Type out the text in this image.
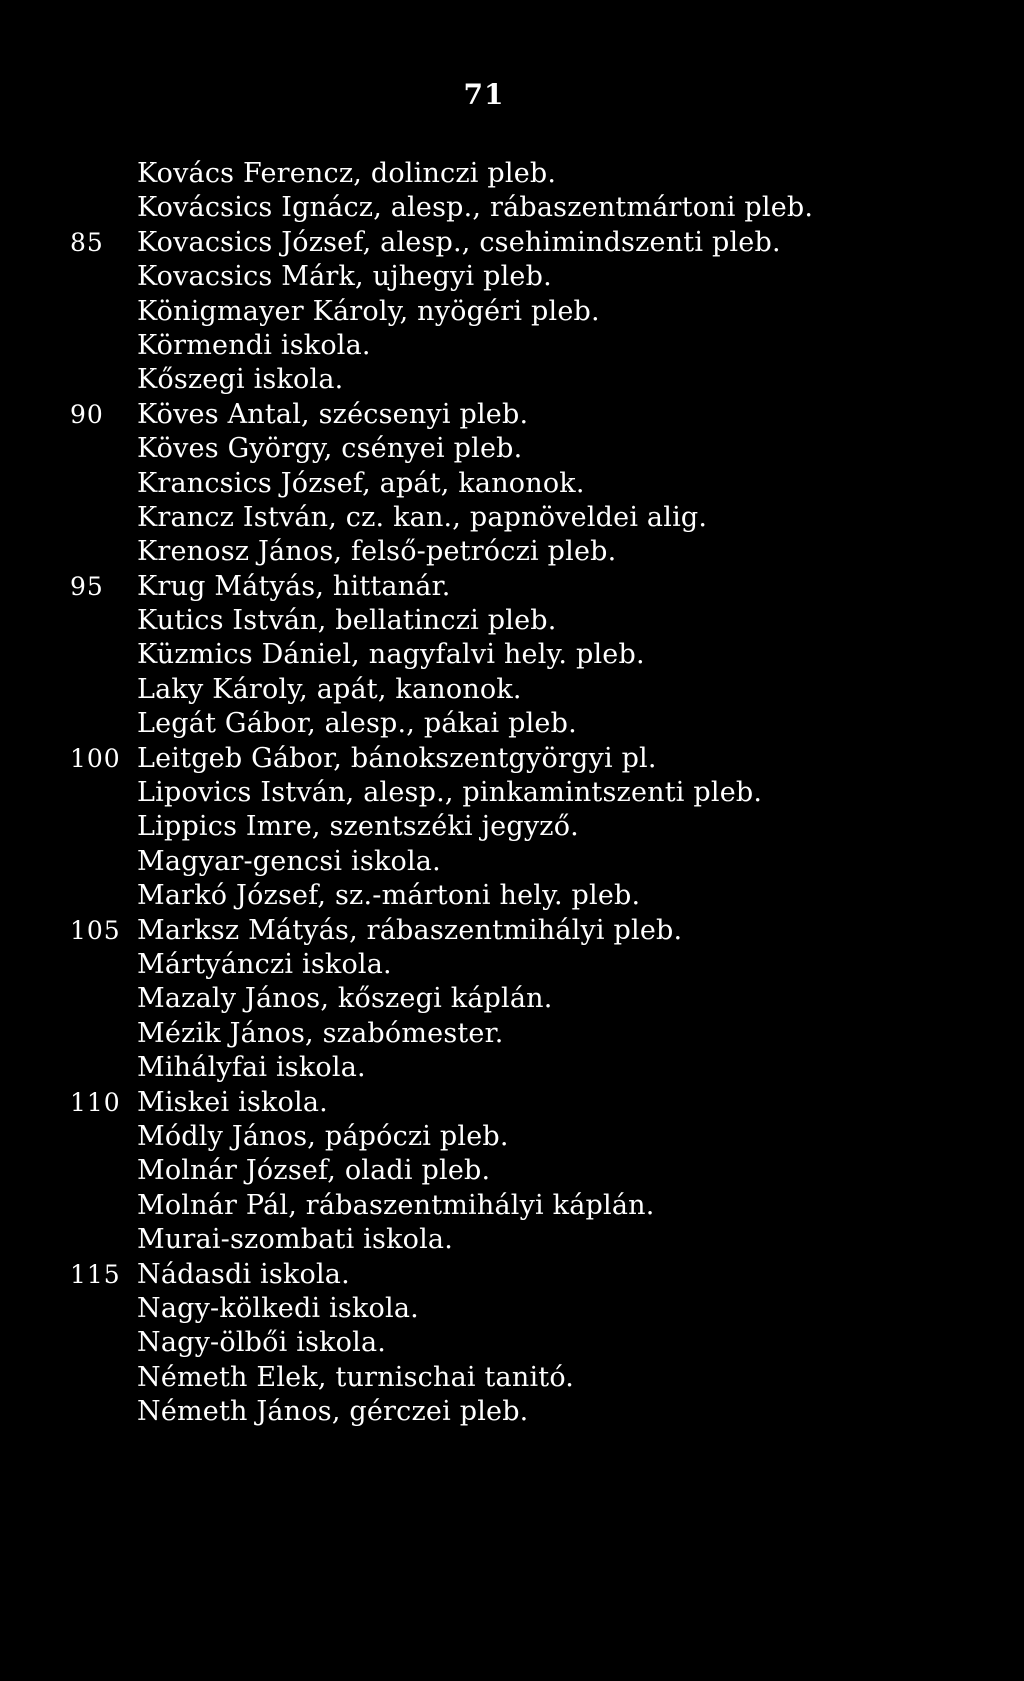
71
Kovács Ferencz, dolinczi pleb.
Kovácsics Ignácz, alesp., rábaszentmártoni pleb.
85	Kovacsics József, alesp., csehimindszenti pleb.
Kovacsics Márk, ujhegyi pleb.
Königmayer Károly, nyögéri pleb.
Körmendi iskola.
Kőszegi iskola.
90	Köves Antal, szécsenyi pleb.
Köves György, csényei pleb.
Krancsics József, apát, kanonok.
Krancz István, cz. kan., papnöveldei alig.
Krenosz János, felső-petróczi pleb.
95	Krug Mátyás, hittanár.
Kutics István, bellatinczi pleb.
Küzmics Dániel, nagyfalvi hely. pleb.
Laky Károly, apát, kanonok.
Legát Gábor, alesp., pákai pleb.
100 Leitgeb Gábor, bánokszentgyörgyi pl.
Lipovics István, alesp., pinkamintszenti pleb.
Lippics Imre, szentszéki jegyző.
Magyar-gencsi iskola.
Markó József, sz.-mártoni hely. pleb.
105 Marksz Mátyás, rábaszentmihályi pleb.
Mártyánczi iskola.
Mazaly János, kőszegi káplán.
Mézik János, szabómester.
Mihályfai iskola.
110 Miskei iskola.
Módly János, pápóczi pleb.
Molnár József, oladi pleb.
Molnár Pál, rábaszentmihályi káplán.
Murai-szombati iskola.
115 Nádasdi iskola.
Nagy-kölkedi iskola.
Nagy-ölbői iskola.
Németh Elek, turnischai tanitó.
Németh János, gérczei pleb.
